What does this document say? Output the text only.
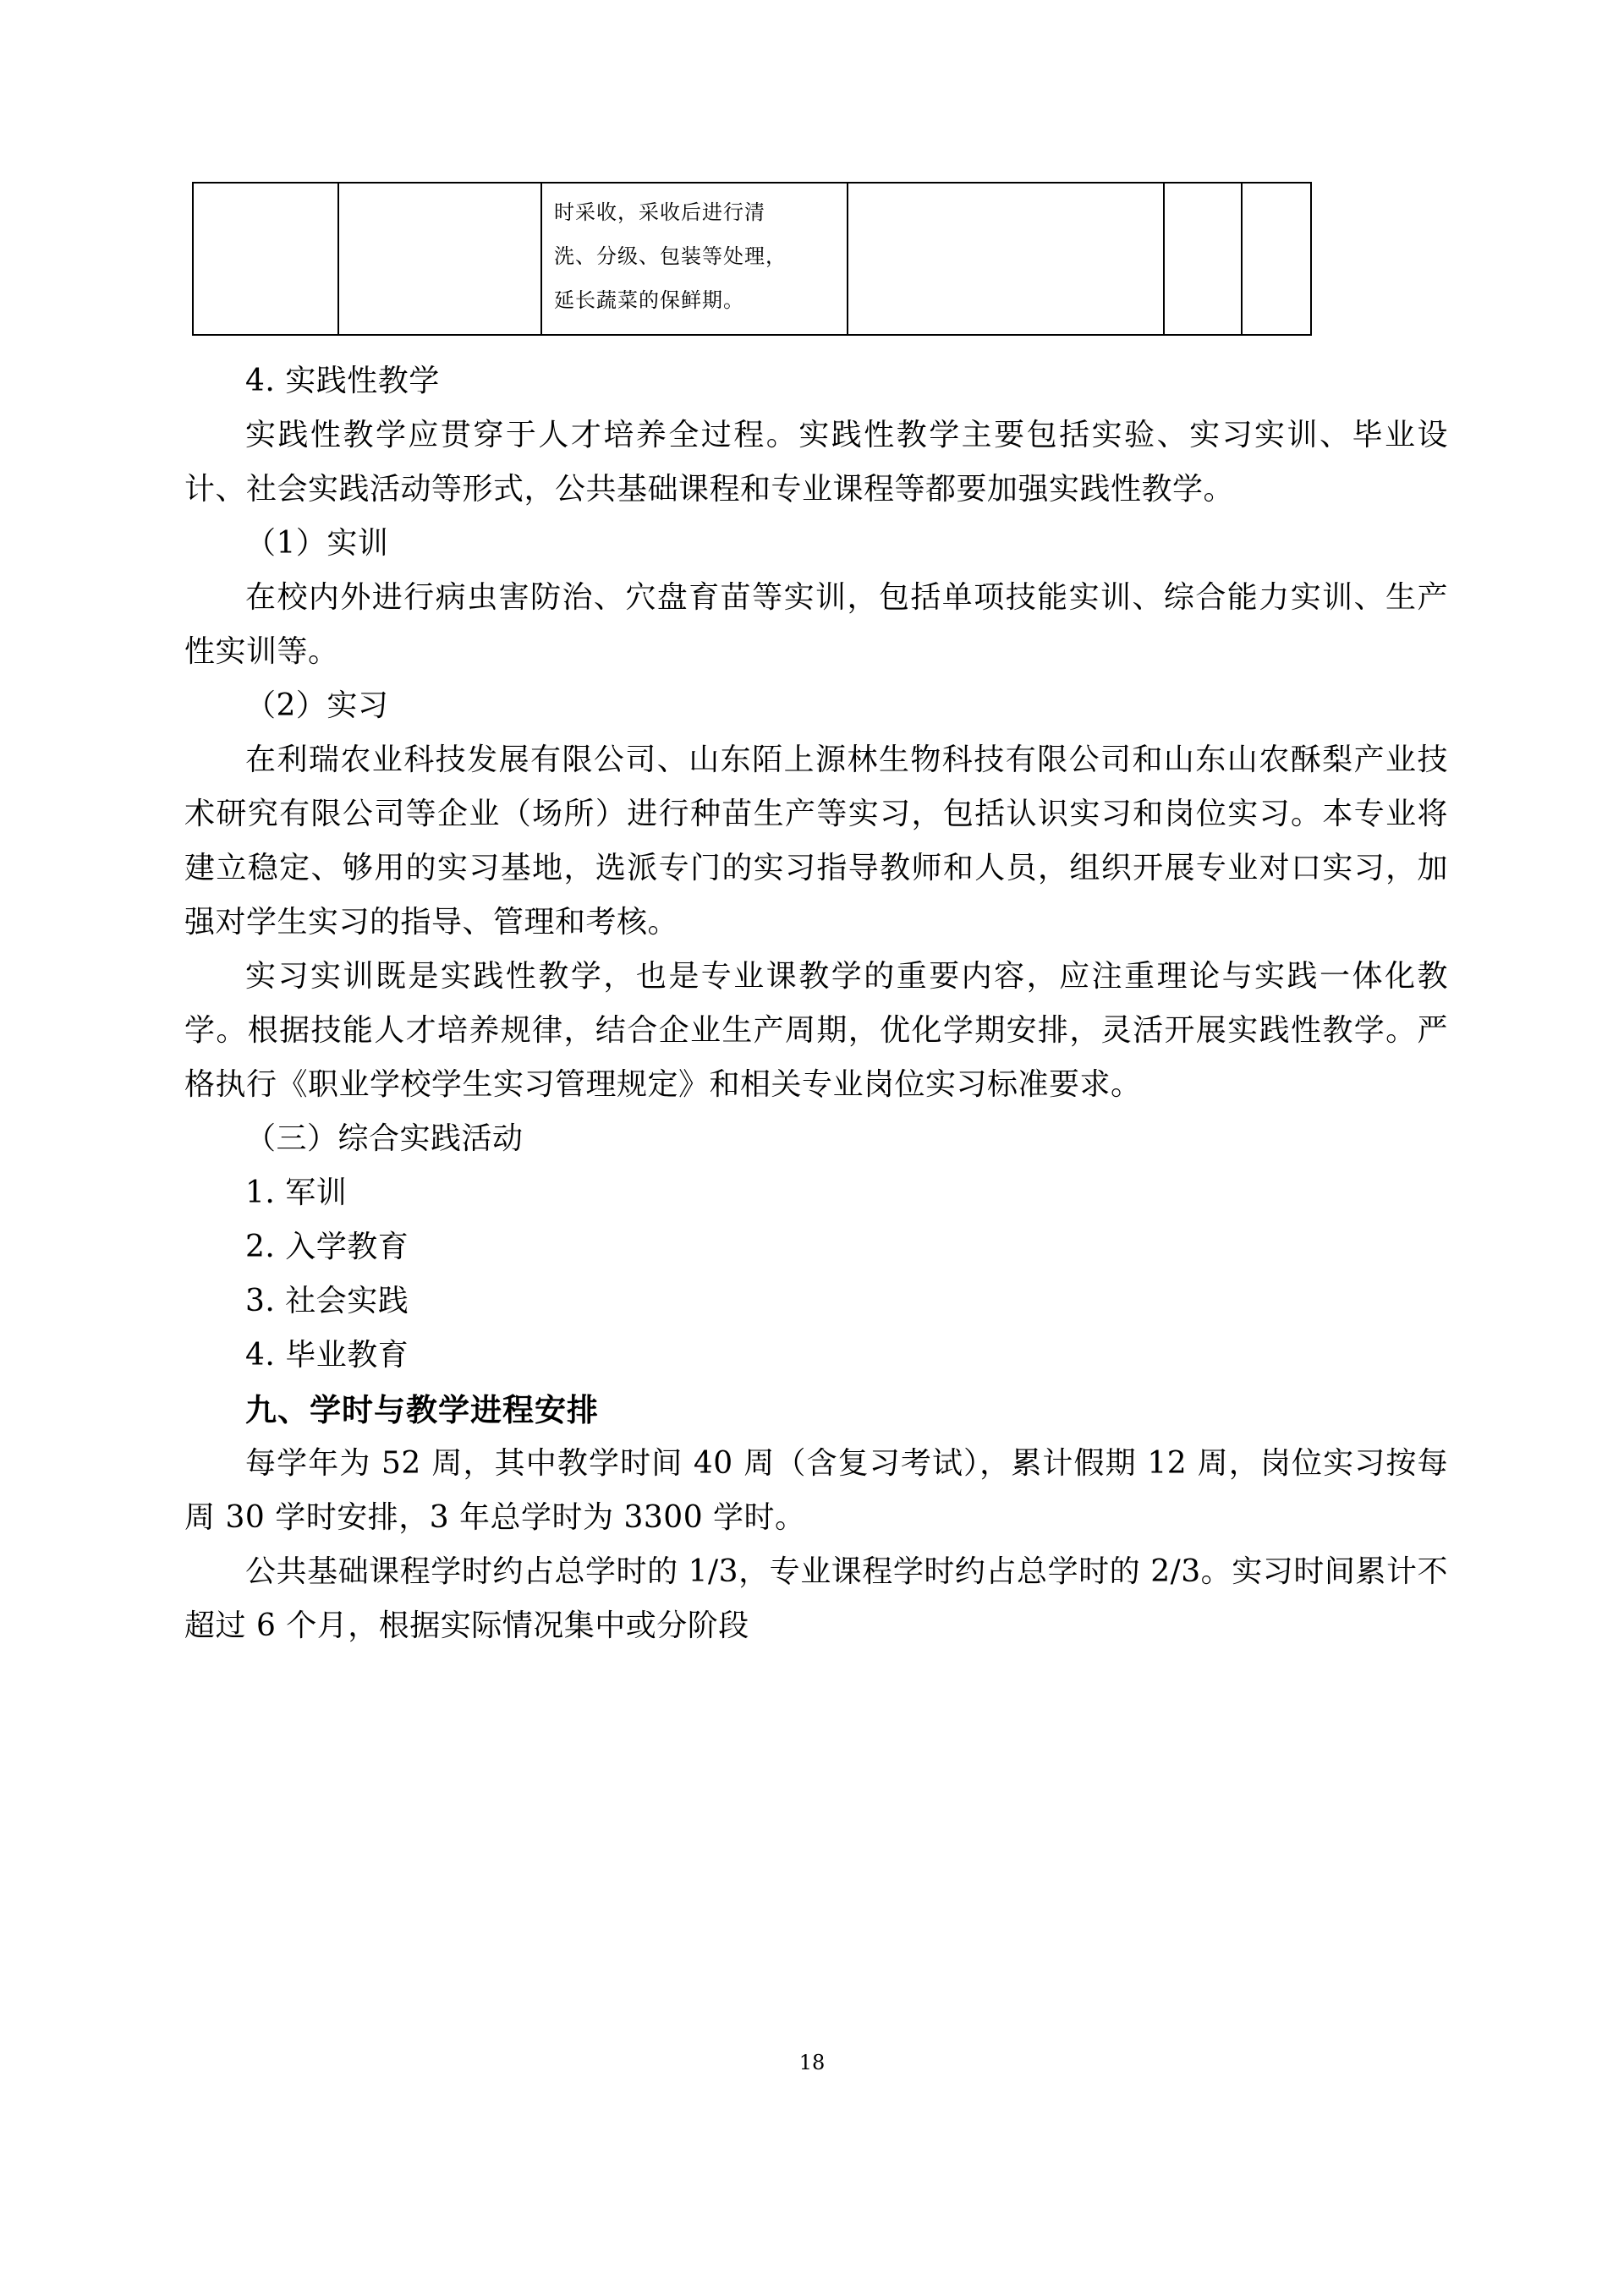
时采收，采收后进行清
洗、分级、包装等处理，
延长蔬菜的保鲜期。

4. 实践性教学

实践性教学应贯穿于人才培养全过程。实践性教学主要包括实验、实习实训、毕业设计、社会实践活动等形式，公共基础课程和专业课程等都要加强实践性教学。

（1）实训

在校内外进行病虫害防治、穴盘育苗等实训，包括单项技能实训、综合能力实训、生产性实训等。

（2）实习

在利瑞农业科技发展有限公司、山东陌上源林生物科技有限公司和山东山农酥梨产业技术研究有限公司等企业（场所）进行种苗生产等实习，包括认识实习和岗位实习。本专业将建立稳定、够用的实习基地，选派专门的实习指导教师和人员，组织开展专业对口实习，加强对学生实习的指导、管理和考核。

实习实训既是实践性教学，也是专业课教学的重要内容，应注重理论与实践一体化教学。根据技能人才培养规律，结合企业生产周期，优化学期安排，灵活开展实践性教学。严格执行《职业学校学生实习管理规定》和相关专业岗位实习标准要求。

（三）综合实践活动

1. 军训

2. 入学教育

3. 社会实践

4. 毕业教育

九、学时与教学进程安排

每学年为 52 周，其中教学时间 40 周（含复习考试），累计假期 12 周，岗位实习按每周 30 学时安排，3 年总学时为 3300 学时。

公共基础课程学时约占总学时的 1/3，专业课程学时约占总学时的 2/3。实习时间累计不超过 6 个月，根据实际情况集中或分阶段

18
